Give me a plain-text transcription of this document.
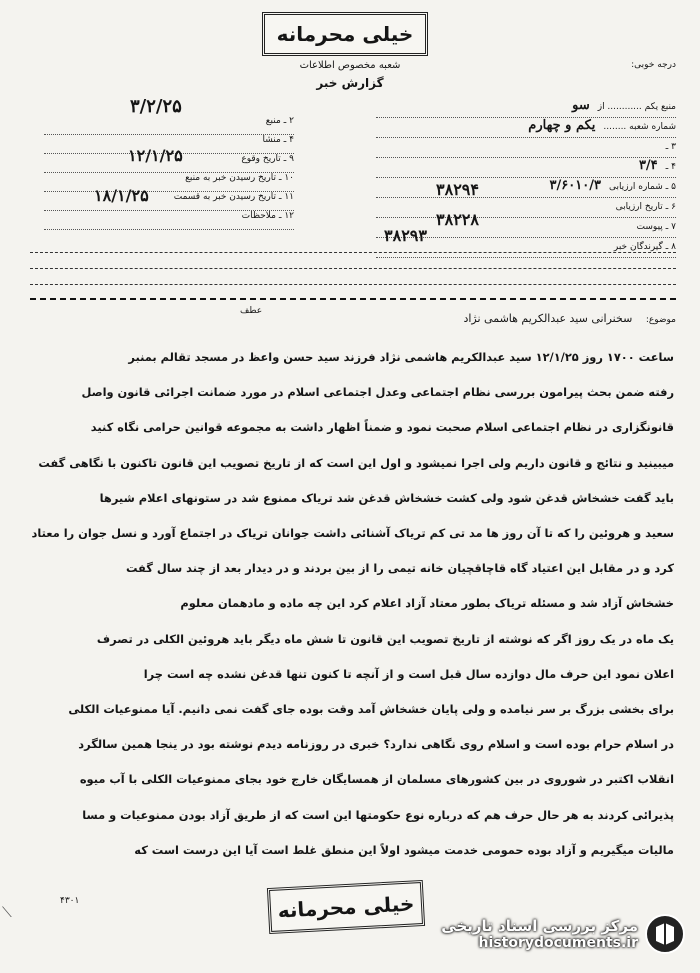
خیلی محرمانه
شعبه مخصوص اطلاعات
گزارش خبر
درجه خوبی:
منبع یکم ............ ازسو
شماره شعبه ........یکم و چهارم
۳ ـ
۴ ـ۳/۴
۵ ـ شماره ارزیابی۳/۶۰۱۰/۳
۶ ـ تاریخ ارزیابی
۷ ـ پیوست
۸ ـ گیرندگان خبر
۲ ـ منبع
۴ ـ منشأ
۹ ـ تاریخ وقوع
۱۰ ـ تاریخ رسیدن خبر به منبع
۱۱ ـ تاریخ رسیدن خبر به قسمت
۱۲ ـ ملاحظات
۳/۲/۲۵
۱۲/۱/۲۵
۱۸/۱/۲۵	۳۸۲۹۴
۳۸۲۲۸
۳۸۲۹۳
عطف
موضوع: سخنرانی سید عبدالکریم هاشمی نژاد

ساعت ۱۷۰۰ روز ۱۲/۱/۲۵ سید عبدالکریم هاشمی نژاد فرزند سید حسن واعظ در مسجد تقالم بمنبر

رفته ضمن بحث پیرامون بررسی نظام اجتماعی وعدل اجتماعی اسلام در مورد ضمانت اجرائی قانون واصل

قانونگزاری در نظام اجتماعی اسلام صحبت نمود و ضمناً اظهار داشت به مجموعه قوانین حرامی نگاه کنید

میبینید و نتائج و قانون داریم ولی اجرا نمیشود و اول این است که از تاریخ تصویب این قانون تاکنون با نگاهی گفت

باید گفت خشخاش قدغن شود ولی کشت خشخاش قدغن شد تریاک ممنوع شد در ستونهای اعلام شیرها

سعید و هروئین را که تا آن روز ها مد تی کم تریاک آشنائی داشت جوانان تریاک در اجتماع آورد و نسل جوان را معتاد

کرد و در مقابل این اعتیاد گاه قاچاقچیان خانه تیمی را از بین بردند و در دیدار بعد از چند سال گفت

خشخاش آزاد شد و مسئله تریاک بطور معتاد آزاد اعلام کرد این چه ماده و مادهمان معلوم

یک ماه در یک روز اگر که نوشته از تاریخ تصویب این قانون تا شش ماه دیگر باید هروئین الکلی در تصرف

اعلان نمود این حرف مال دوازده سال قبل است و از آنچه تا کنون تنها قدغن نشده چه است چرا

برای بخشی بزرگ بر سر نیامده و ولی پایان خشخاش آمد وقت بوده جای گفت نمی دانیم. آیا ممنوعیات الکلی

در اسلام حرام بوده است و اسلام روی نگاهی ندارد؟ خبری در روزنامه دیدم نوشته بود در ینجا همین سالگرد

انقلاب اکتبر در شوروی در بین کشورهای مسلمان از همسایگان خارج خود بجای ممنوعیات الکلی با آب میوه

پذیرائی کردند به هر حال حرف هم که درباره نوع حکومتها این است که از طریق آزاد بودن ممنوعیات و مسا

مالیات میگیریم و آزاد بوده حمومی خدمت میشود اولاً این منطق غلط است آیا این درست است که

خیلی محرمانه
۴۳۰۱
⟍
مرکز بررسی اسناد تاریخی
historydocuments.ir
